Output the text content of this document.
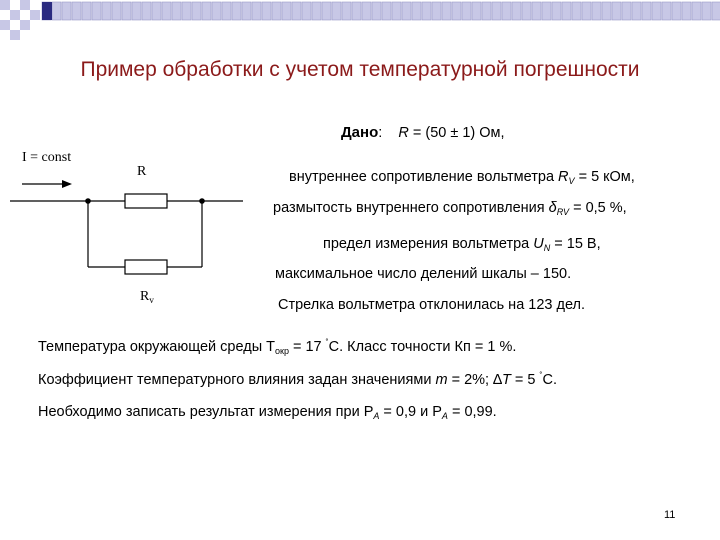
Пример обработки с учетом температурной погрешности
I = const
R
$R_v$
Дано: R = (50 ± 1) Ом,
внутреннее сопротивление вольтметра $R_V = 5$ кОм,
размытость внутреннего сопротивления $\delta_{RV} = 0,5$ %,
предел измерения вольтметра $U_N = 15$ В,
максимальное число делений шкалы – 150.
Стрелка вольтметра отклонилась на 123 дел.
Температура окружающей среды $Т_{окр} = 17$ ˚С. Класс точности Кп = 1 %.
Коэффициент температурного влияния задан значениями m = 2%; ∆T = 5 ˚С.
Необходимо записать результат измерения при $Р_А = 0,9$ и $Р_А = 0,99$.
11
